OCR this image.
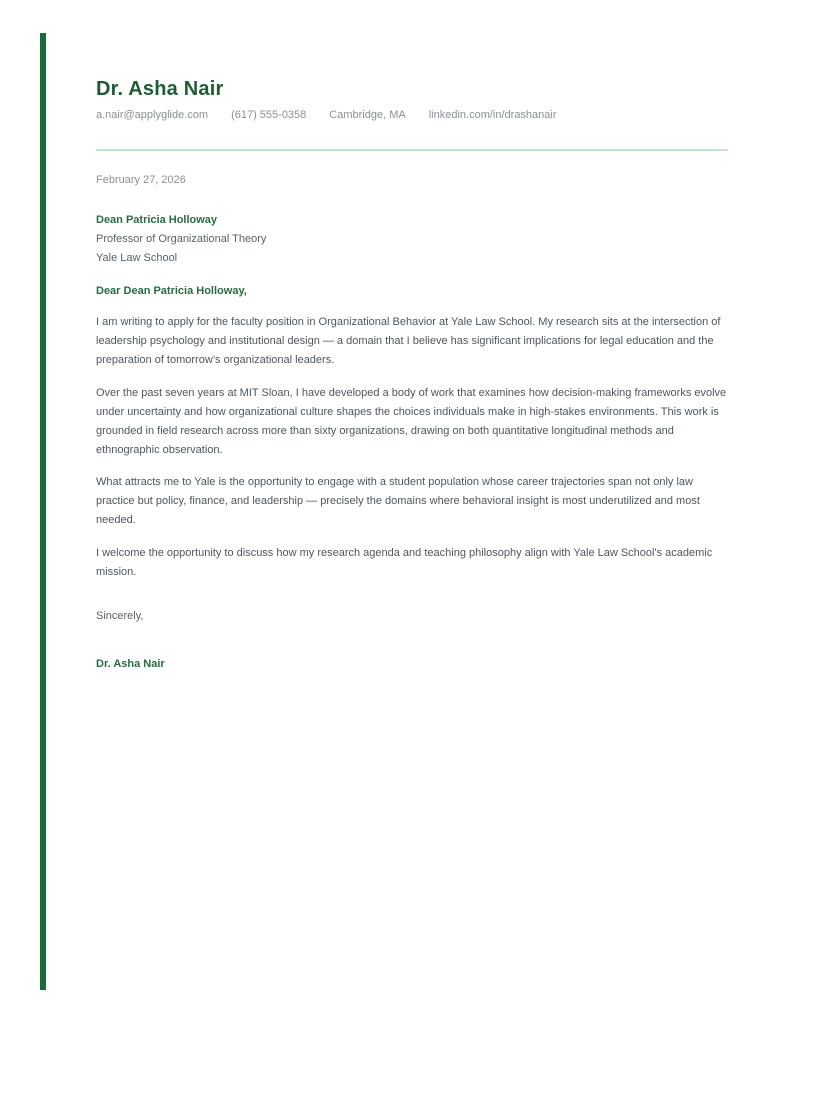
Dr. Asha Nair
a.nair@applyglide.com (617) 555-0358 Cambridge, MA linkedin.com/in/drashanair
February 27, 2026
Dean Patricia Holloway
Professor of Organizational Theory
Yale Law School
Dear Dean Patricia Holloway,
I am writing to apply for the faculty position in Organizational Behavior at Yale Law School. My research sits at the intersection of leadership psychology and institutional design — a domain that I believe has significant implications for legal education and the preparation of tomorrow’s organizational leaders.
Over the past seven years at MIT Sloan, I have developed a body of work that examines how decision-making frameworks evolve under uncertainty and how organizational culture shapes the choices individuals make in high-stakes environments. This work is grounded in field research across more than sixty organizations, drawing on both quantitative longitudinal methods and ethnographic observation.
What attracts me to Yale is the opportunity to engage with a student population whose career trajectories span not only law practice but policy, finance, and leadership — precisely the domains where behavioral insight is most underutilized and most needed.
I welcome the opportunity to discuss how my research agenda and teaching philosophy align with Yale Law School's academic mission.
Sincerely,
Dr. Asha Nair
